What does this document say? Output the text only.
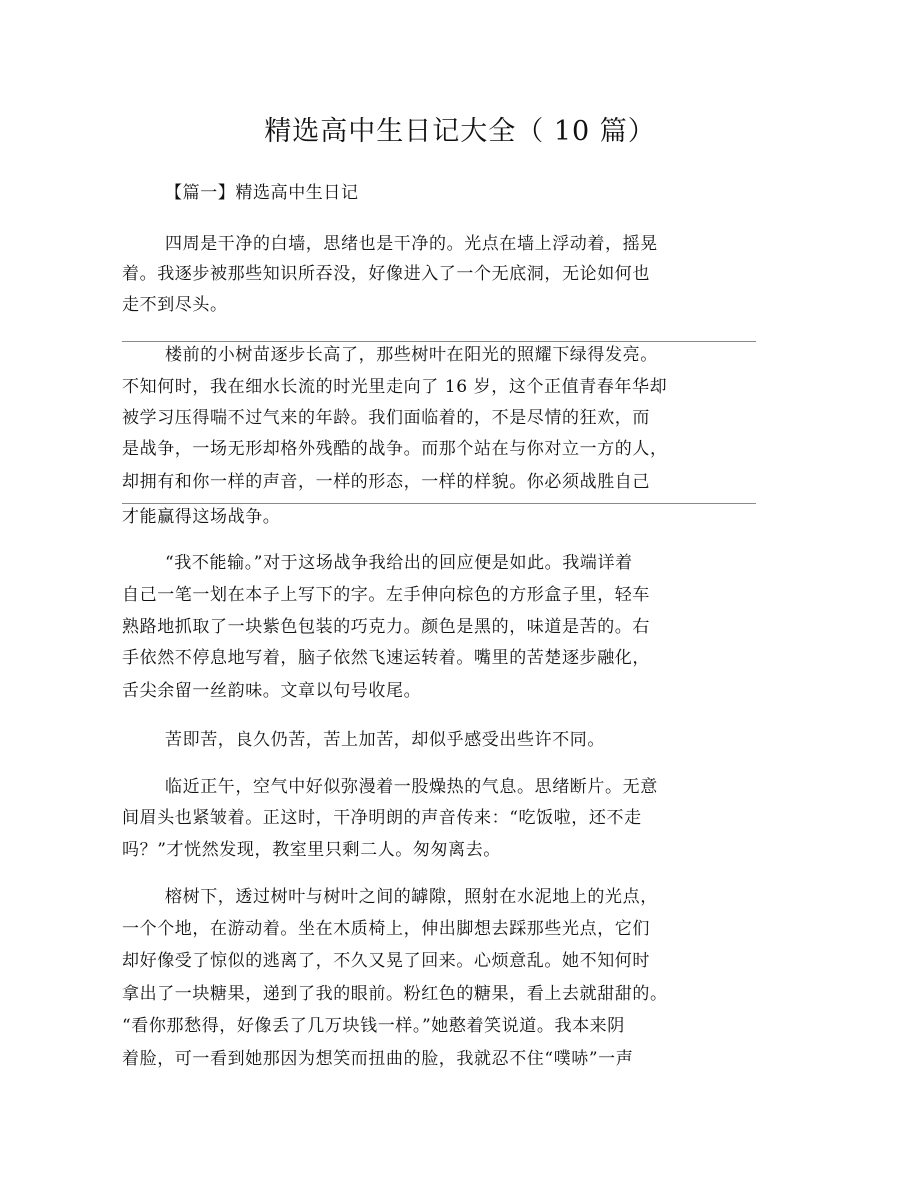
精选高中生日记大全（ 10 篇）
【篇一】精选高中生日记
四周是干净的白墙，思绪也是干净的。光点在墙上浮动着，摇晃
着。我逐步被那些知识所吞没，好像进入了一个无底洞，无论如何也
走不到尽头。
楼前的小树苗逐步长高了，那些树叶在阳光的照耀下绿得发亮。
不知何时，我在细水长流的时光里走向了 16 岁，这个正值青春年华却
被学习压得喘不过气来的年龄。我们面临着的，不是尽情的狂欢，而
是战争，一场无形却格外残酷的战争。而那个站在与你对立一方的人，
却拥有和你一样的声音，一样的形态，一样的样貌。你必须战胜自己
才能赢得这场战争。
“我不能输。”对于这场战争我给出的回应便是如此。我端详着
自己一笔一划在本子上写下的字。左手伸向棕色的方形盒子里，轻车
熟路地抓取了一块紫色包装的巧克力。颜色是黑的，味道是苦的。右
手依然不停息地写着，脑子依然飞速运转着。嘴里的苦楚逐步融化，
舌尖余留一丝韵味。文章以句号收尾。
苦即苦，良久仍苦，苦上加苦，却似乎感受出些许不同。
临近正午，空气中好似弥漫着一股燥热的气息。思绪断片。无意
间眉头也紧皱着。正这时，干净明朗的声音传来：“吃饭啦，还不走
吗？”才恍然发现，教室里只剩二人。匆匆离去。
榕树下，透过树叶与树叶之间的罅隙，照射在水泥地上的光点，
一个个地，在游动着。坐在木质椅上，伸出脚想去踩那些光点，它们
却好像受了惊似的逃离了，不久又晃了回来。心烦意乱。她不知何时
拿出了一块糖果，递到了我的眼前。粉红色的糖果，看上去就甜甜的。
“看你那愁得，好像丢了几万块钱一样。”她憨着笑说道。我本来阴
着脸，可一看到她那因为想笑而扭曲的脸，我就忍不住“噗哧”一声
